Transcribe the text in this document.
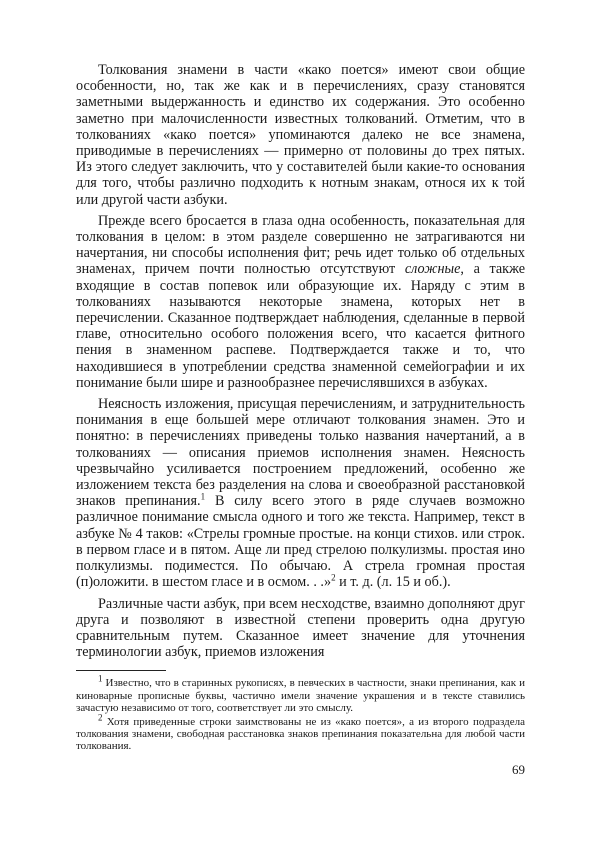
Толкования знамени в части «како поется» имеют свои общие особенности, но, так же как и в перечислениях, сразу становятся заметными выдержанность и единство их содержания. Это особенно заметно при малочисленности известных толкований. Отметим, что в толкованиях «како поется» упоминаются далеко не все знамена, приводимые в перечислениях — примерно от половины до трех пятых. Из этого следует заключить, что у составителей были какие-то основания для того, чтобы различно подходить к нотным знакам, относя их к той или другой части азбуки.

Прежде всего бросается в глаза одна особенность, показательная для толкования в целом: в этом разделе совершенно не затрагиваются ни начертания, ни способы исполнения фит; речь идет только об отдельных знаменах, причем почти полностью отсутствуют сложные, а также входящие в состав попевок или образующие их. Наряду с этим в толкованиях называются некоторые знамена, которых нет в перечислении. Сказанное подтверждает наблюдения, сделанные в первой главе, относительно особого положения всего, что касается фитного пения в знаменном распеве. Подтверждается также и то, что находившиеся в употреблении средства знаменной семейографии и их понимание были шире и разнообразнее перечислявшихся в азбуках.

Неясность изложения, присущая перечислениям, и затруднительность понимания в еще большей мере отличают толкования знамен. Это и понятно: в перечислениях приведены только названия начертаний, а в толкованиях — описания приемов исполнения знамен. Неясность чрезвычайно усиливается построением предложений, особенно же изложением текста без разделения на слова и своеобразной расстановкой знаков препинания.$^1$ В силу всего этого в ряде случаев возможно различное понимание смысла одного и того же текста. Например, текст в азбуке № 4 таков: «Стрелы громные простые. на конци стихов. или строк. в первом гласе и в пятом. Аще ли пред стрелою полкулизмы. простая ино полкулизмы. подиместся. По обычаю. А стрела громная простая (п)оложити. в шестом гласе и в осмом. . .»$^2$ и т. д. (л. 15 и об.).

Различные части азбук, при всем несходстве, взаимно дополняют друг друга и позволяют в известной степени проверить одна другую сравнительным путем. Сказанное имеет значение для уточнения терминологии азбук, приемов изложения

$^1$ Известно, что в старинных рукописях, в певческих в частности, знаки препинания, как и киноварные прописные буквы, частично имели значение украшения и в тексте ставились зачастую независимо от того, соответствует ли это смыслу.

$^2$ Хотя приведенные строки заимствованы не из «како поется», а из второго подраздела толкования знамени, свободная расстановка знаков препинания показательна для любой части толкования.

69
